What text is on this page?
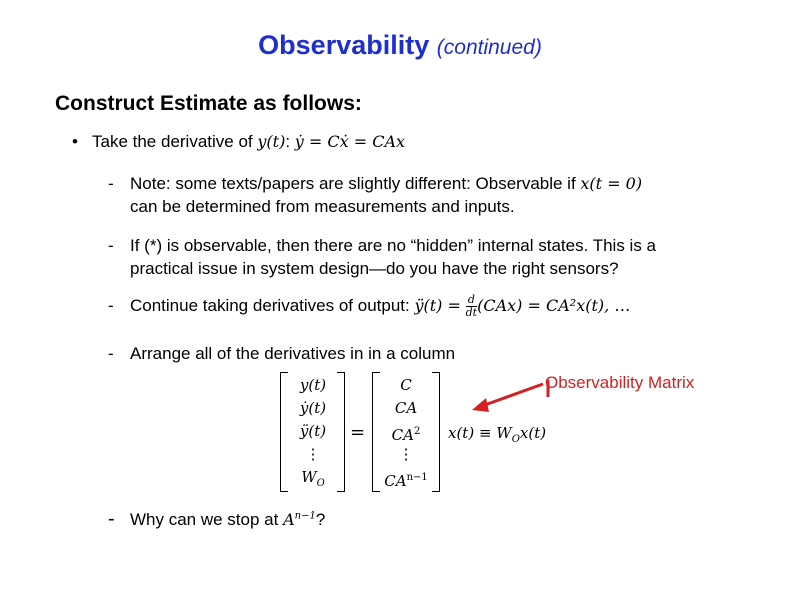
Observability (continued)
Construct Estimate as follows:
• Take the derivative of y(t): ẏ = Cẋ = CAx
- Note: some texts/papers are slightly different: Observable if x(t = 0)
can be determined from measurements and inputs.
- If (*) is observable, then there are no “hidden” internal states. This is a
practical issue in system design—do you have the right sensors?
- Continue taking derivatives of output: ÿ(t) = $\frac{d}{dt} (CAx) = CA^2x(t)$, …
- Arrange all of the derivatives in in a column
y(t)
ẏ(t)
ÿ(t)
⋮
$W_O$
=
C
CA
$CA^2$
⋮
$CA^{n-1}$
$x(t) \equiv W_Ox(t)$
Observability Matrix
- Why can we stop at $A^{n-1}$?
